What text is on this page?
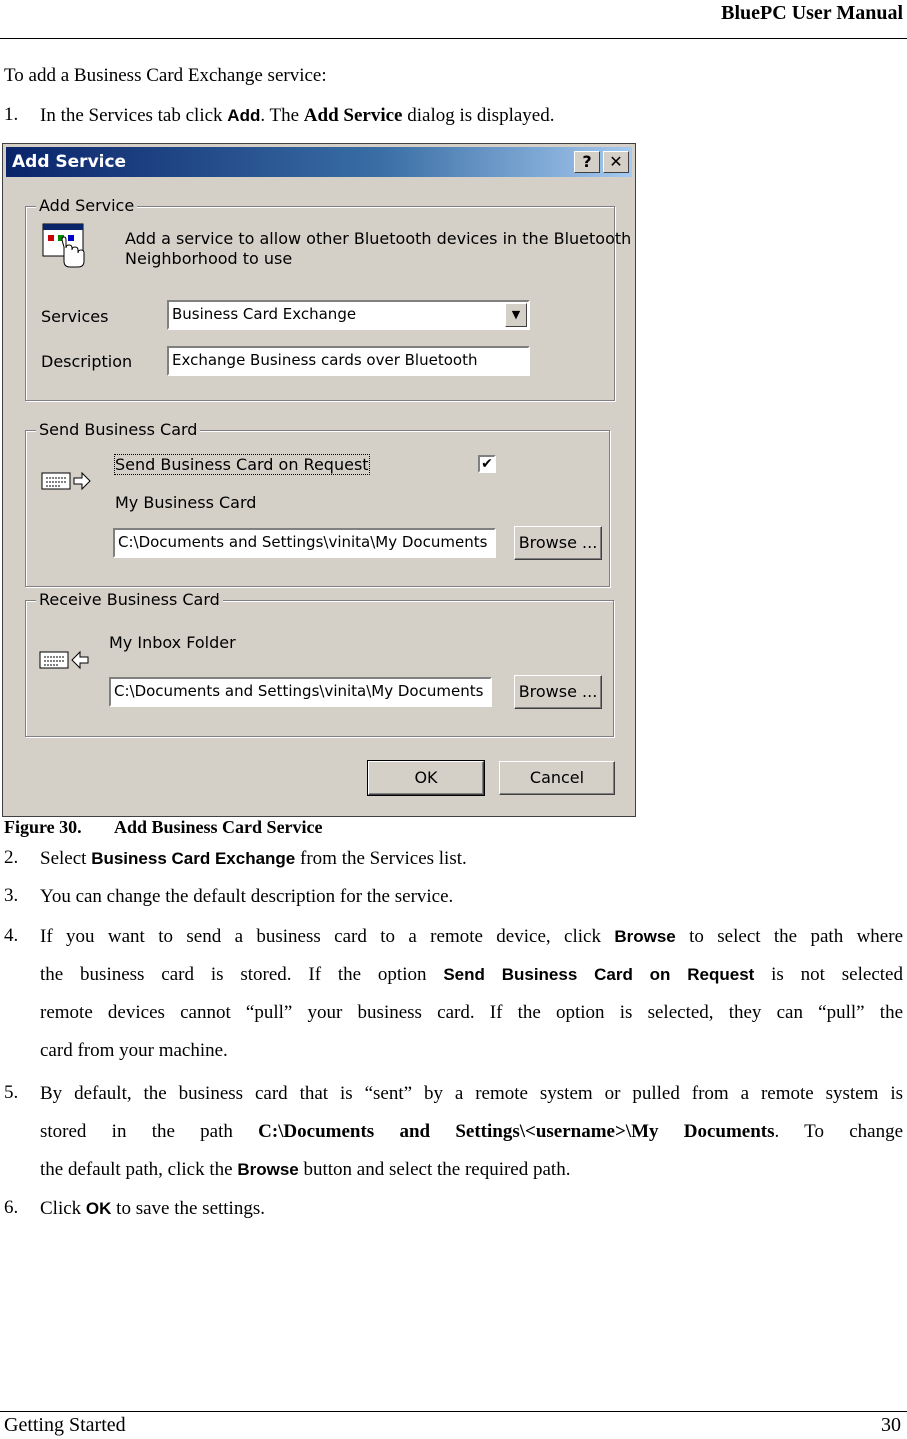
BluePC User Manual
To add a Business Card Exchange service:
1.	In the Services tab click Add. The Add Service dialog is displayed.
Add Service	?	✕
Add Service
Add a service to allow other Bluetooth devices in the Bluetooth
Neighborhood to use
Services	Business Card Exchange	▼
Description	Exchange Business cards over Bluetooth
Send Business Card
Send Business Card on Request	✔
My Business Card
C:\Documents and Settings\vinita\My Documents	Browse ...
Receive Business Card
My Inbox Folder
C:\Documents and Settings\vinita\My Documents	Browse ...
OK	Cancel
Figure 30. Add Business Card Service
2.	Select Business Card Exchange from the Services list.
3.	You can change the default description for the service.
4.	If you want to send a business card to a remote device, click Browse to select the path where
the business card is stored. If the option Send Business Card on Request is not selected
remote devices cannot “pull” your business card. If the option is selected, they can “pull” the
card from your machine.
5.	By default, the business card that is “sent” by a remote system or pulled from a remote system is
stored in the path C:\Documents and Settings\<username>\My Documents. To change
the default path, click the Browse button and select the required path.
6.	Click OK to save the settings.
Getting Started	30
